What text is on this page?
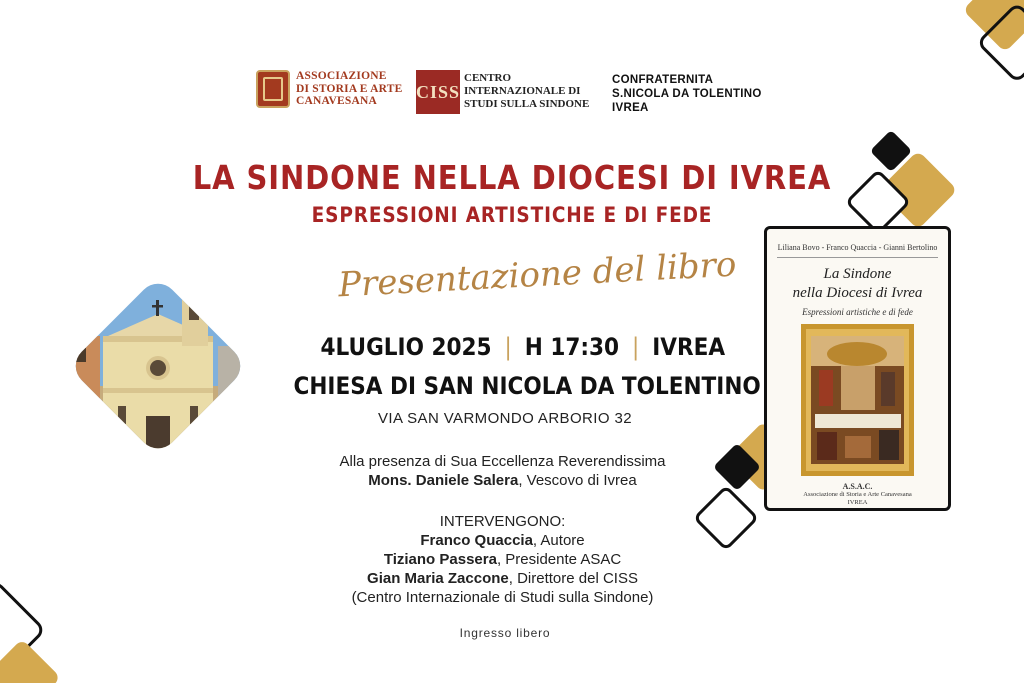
ASSOCIAZIONE
DI STORIA E ARTE
CANAVESANA	CISS
CENTRO
INTERNAZIONALE DI
STUDI SULLA SINDONE
CONFRATERNITA
S.NICOLA DA TOLENTINO
IVREA
LA SINDONE NELLA DIOCESI DI IVREA
ESPRESSIONI ARTISTICHE E DI FEDE
Presentazione del libro
4LUGLIO 2025 | H 17:30 | IVREA
CHIESA DI SAN NICOLA DA TOLENTINO
VIA SAN VARMONDO ARBORIO 32
Alla presenza di Sua Eccellenza Reverendissima
Mons. Daniele Salera, Vescovo di Ivrea
INTERVENGONO:
Franco Quaccia, Autore
Tiziano Passera, Presidente ASAC
Gian Maria Zaccone, Direttore del CISS
(Centro Internazionale di Studi sulla Sindone)
Ingresso libero
Liliana Bovo - Franco Quaccia - Gianni Bertolino
La Sindone
nella Diocesi di Ivrea
Espressioni artistiche e di fede
A.S.A.C.
Associazione di Storia e Arte Canavesana
IVREA
